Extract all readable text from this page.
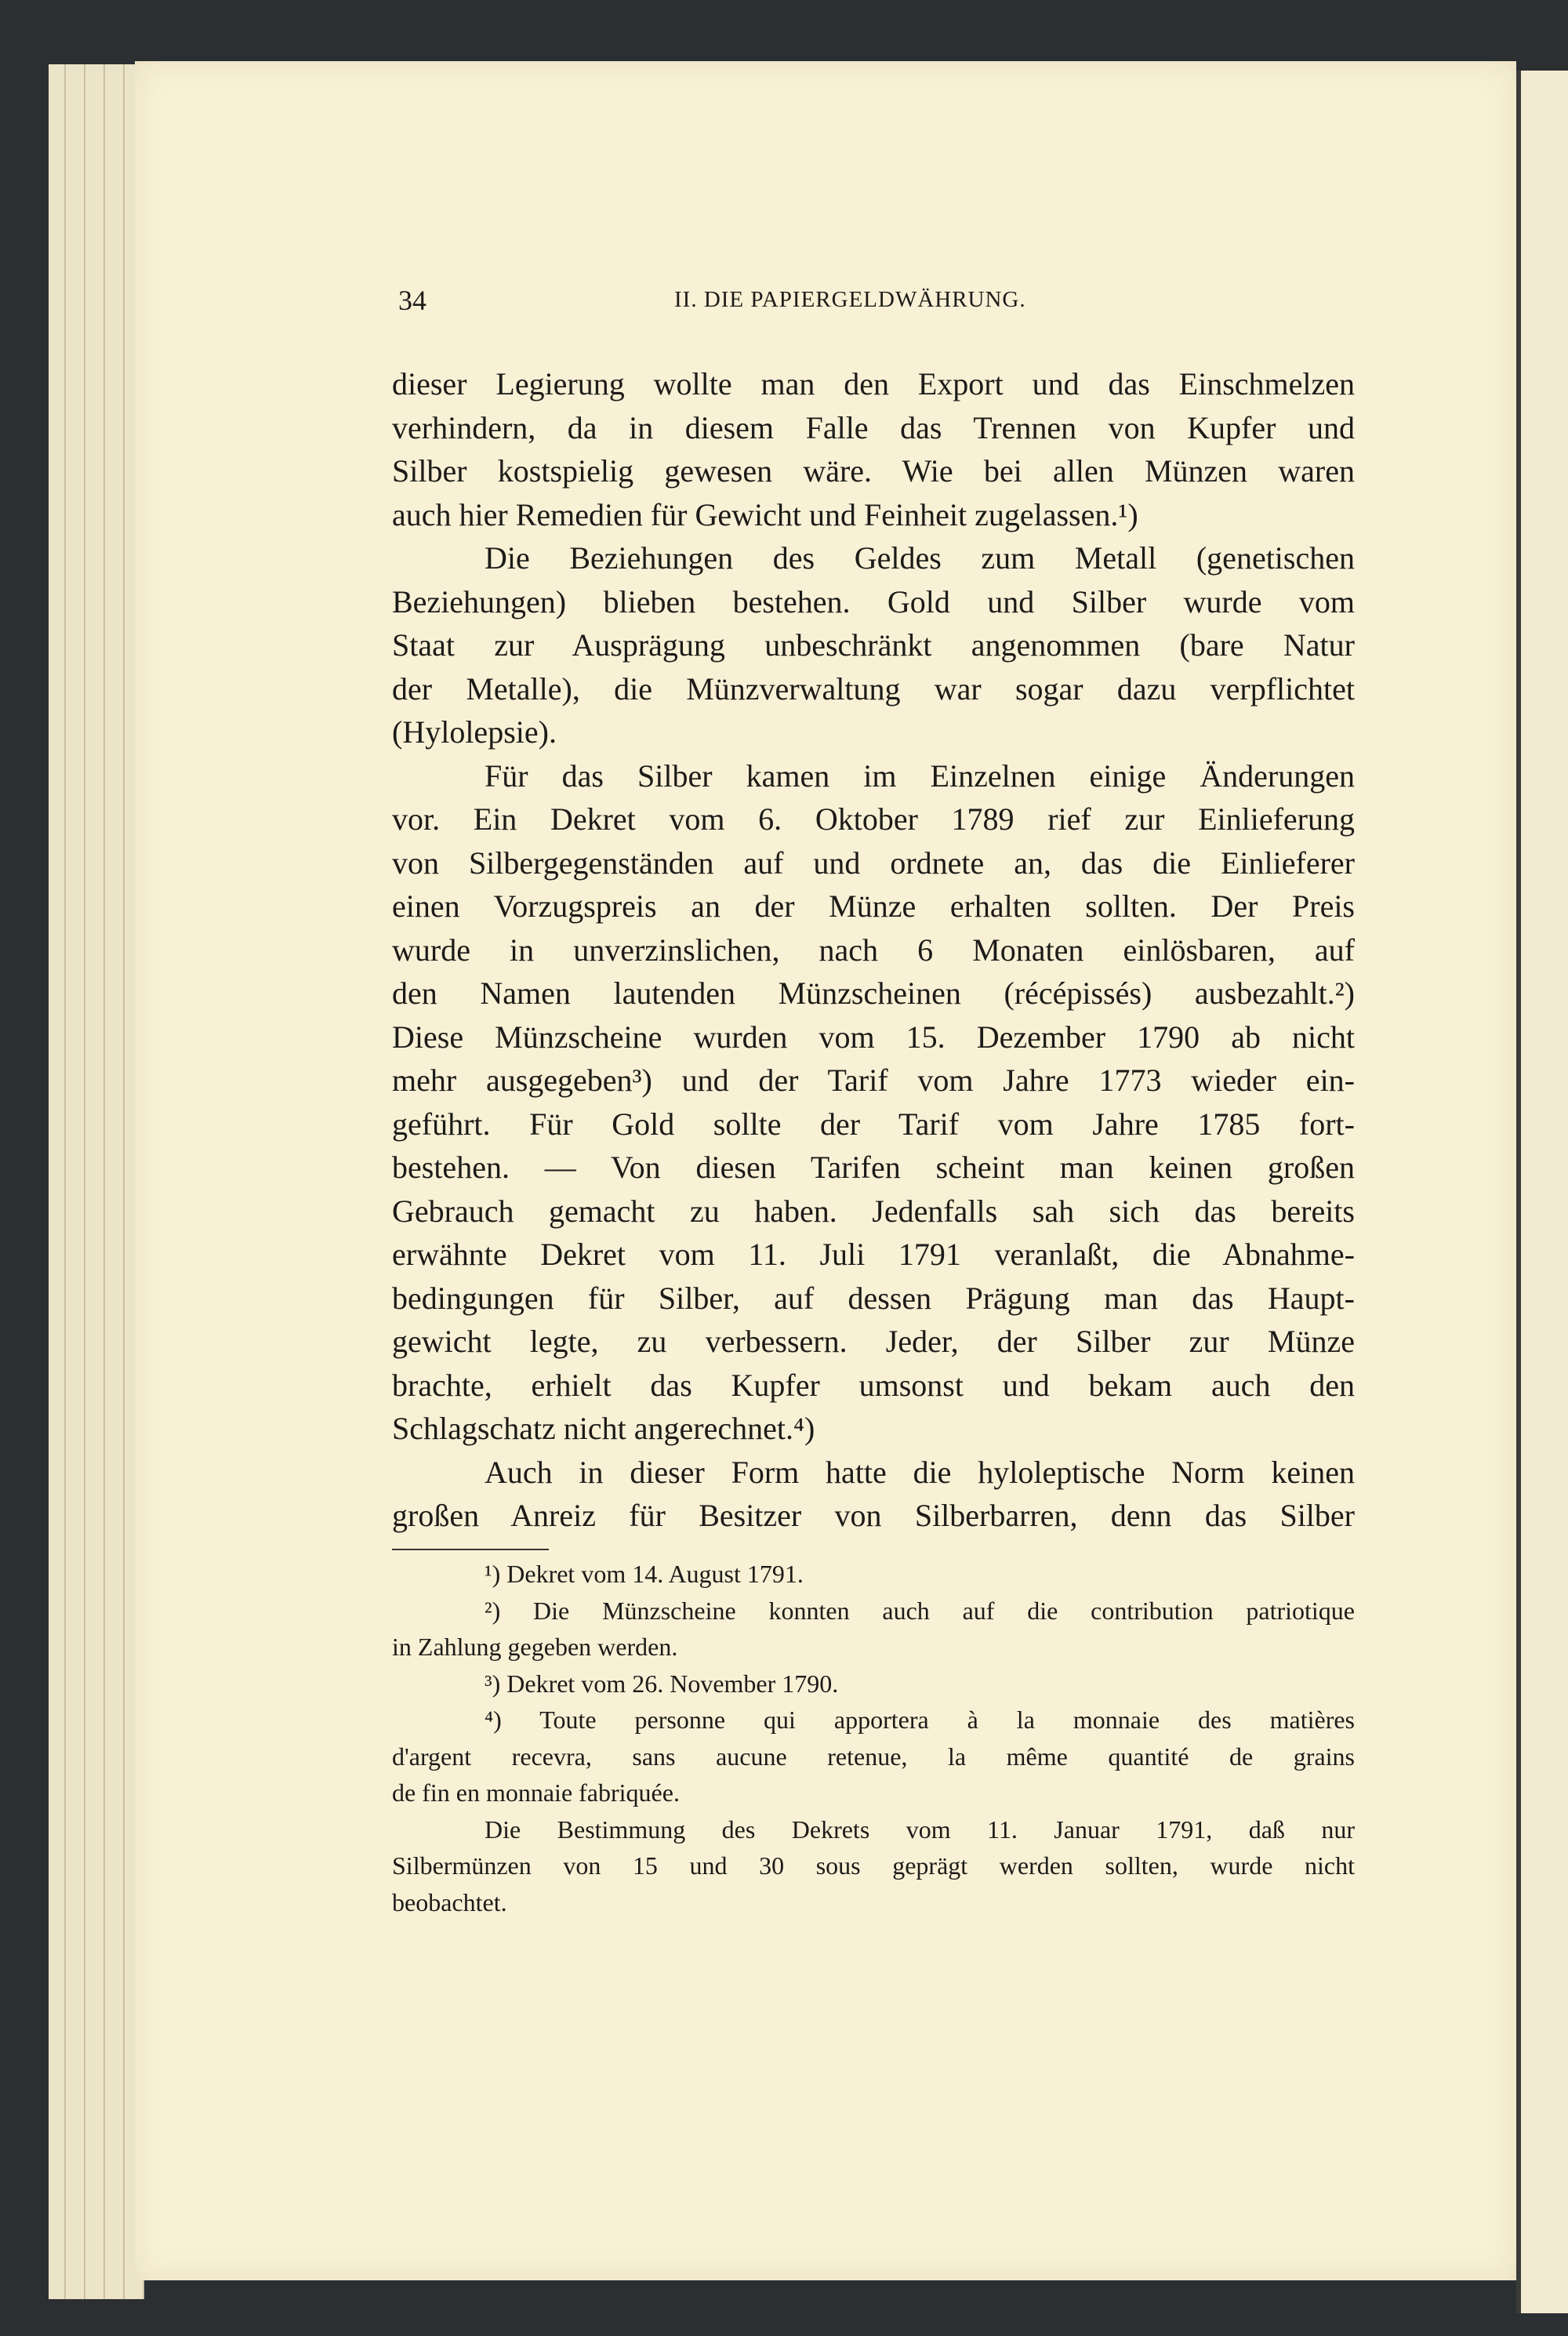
34	II. DIE PAPIERGELDWÄHRUNG.
dieser Legierung wollte man den Export und das Einschmelzen
verhindern, da in diesem Falle das Trennen von Kupfer und
Silber kostspielig gewesen wäre. Wie bei allen Münzen waren
auch hier Remedien für Gewicht und Feinheit zugelassen.¹)
Die Beziehungen des Geldes zum Metall (genetischen
Beziehungen) blieben bestehen. Gold und Silber wurde vom
Staat zur Ausprägung unbeschränkt angenommen (bare Natur
der Metalle), die Münzverwaltung war sogar dazu verpflichtet
(Hylolepsie).
Für das Silber kamen im Einzelnen einige Änderungen
vor. Ein Dekret vom 6. Oktober 1789 rief zur Einlieferung
von Silbergegenständen auf und ordnete an, das die Einlieferer
einen Vorzugspreis an der Münze erhalten sollten. Der Preis
wurde in unverzinslichen, nach 6 Monaten einlösbaren, auf
den Namen lautenden Münzscheinen (récépissés) ausbezahlt.²)
Diese Münzscheine wurden vom 15. Dezember 1790 ab nicht
mehr ausgegeben³) und der Tarif vom Jahre 1773 wieder ein-
geführt. Für Gold sollte der Tarif vom Jahre 1785 fort-
bestehen. — Von diesen Tarifen scheint man keinen großen
Gebrauch gemacht zu haben. Jedenfalls sah sich das bereits
erwähnte Dekret vom 11. Juli 1791 veranlaßt, die Abnahme-
bedingungen für Silber, auf dessen Prägung man das Haupt-
gewicht legte, zu verbessern. Jeder, der Silber zur Münze
brachte, erhielt das Kupfer umsonst und bekam auch den
Schlagschatz nicht angerechnet.⁴)
Auch in dieser Form hatte die hyloleptische Norm keinen
großen Anreiz für Besitzer von Silberbarren, denn das Silber
¹) Dekret vom 14. August 1791.
²) Die Münzscheine konnten auch auf die contribution patriotique
in Zahlung gegeben werden.
³) Dekret vom 26. November 1790.
⁴) Toute personne qui apportera à la monnaie des matières
d'argent recevra, sans aucune retenue, la même quantité de grains
de fin en monnaie fabriquée.
Die Bestimmung des Dekrets vom 11. Januar 1791, daß nur
Silbermünzen von 15 und 30 sous geprägt werden sollten, wurde nicht
beobachtet.
